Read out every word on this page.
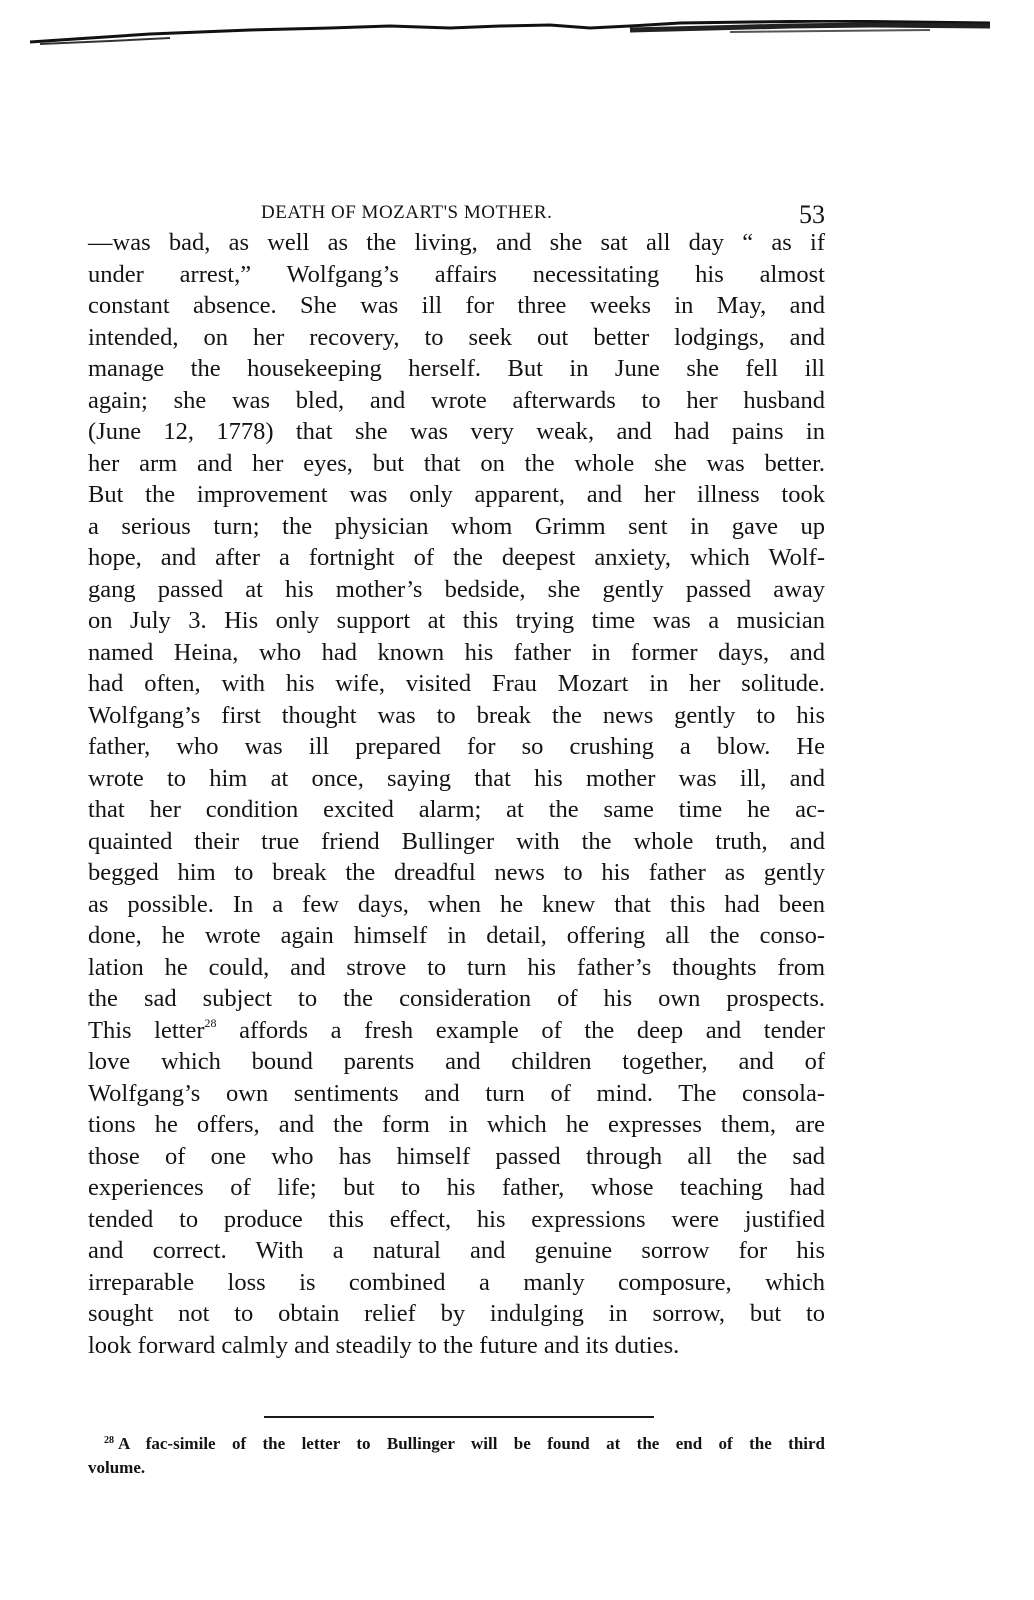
DEATH OF MOZART'S MOTHER.	53
—was bad, as well as the living, and she sat all day “ as if
under arrest,” Wolfgang’s affairs necessitating his almost
constant absence. She was ill for three weeks in May, and
intended, on her recovery, to seek out better lodgings, and
manage the housekeeping herself. But in June she fell ill
again; she was bled, and wrote afterwards to her husband
(June 12, 1778) that she was very weak, and had pains in
her arm and her eyes, but that on the whole she was better.
But the improvement was only apparent, and her illness took
a serious turn; the physician whom Grimm sent in gave up
hope, and after a fortnight of the deepest anxiety, which Wolf-
gang passed at his mother’s bedside, she gently passed away
on July 3. His only support at this trying time was a musician
named Heina, who had known his father in former days, and
had often, with his wife, visited Frau Mozart in her solitude.
Wolfgang’s first thought was to break the news gently to his
father, who was ill prepared for so crushing a blow. He
wrote to him at once, saying that his mother was ill, and
that her condition excited alarm; at the same time he ac-
quainted their true friend Bullinger with the whole truth, and
begged him to break the dreadful news to his father as gently
as possible. In a few days, when he knew that this had been
done, he wrote again himself in detail, offering all the conso-
lation he could, and strove to turn his father’s thoughts from
the sad subject to the consideration of his own prospects.
This letter$^{28}$ affords a fresh example of the deep and tender
love which bound parents and children together, and of
Wolfgang’s own sentiments and turn of mind. The consola-
tions he offers, and the form in which he expresses them, are
those of one who has himself passed through all the sad
experiences of life; but to his father, whose teaching had
tended to produce this effect, his expressions were justified
and correct. With a natural and genuine sorrow for his
irreparable loss is combined a manly composure, which
sought not to obtain relief by indulging in sorrow, but to
look forward calmly and steadily to the future and its duties.
$^{28}$ A fac-simile of the letter to Bullinger will be found at the end of the third
volume.
